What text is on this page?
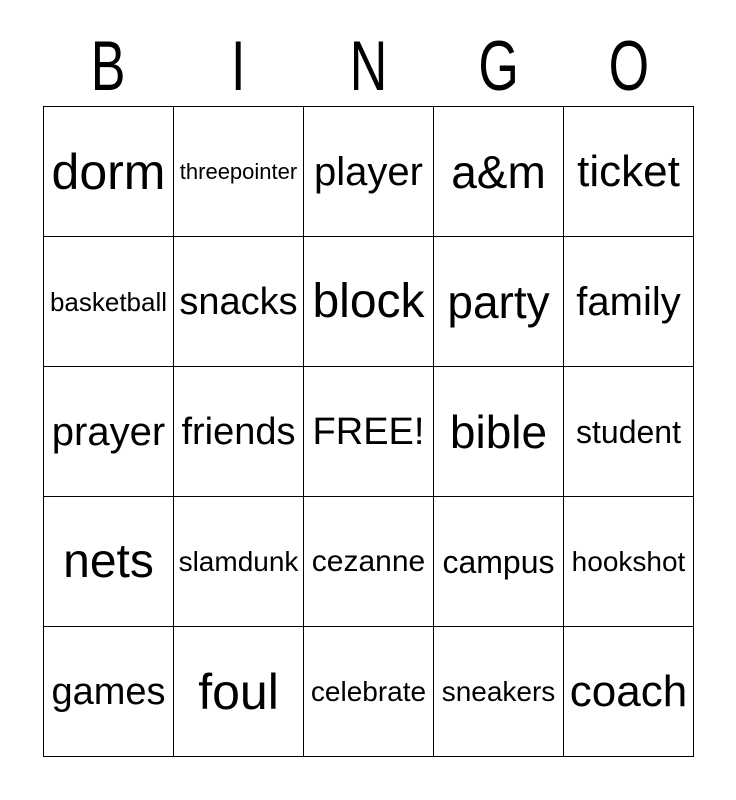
B	I	N	G	O
dorm threepointer player a&m ticket
basketball snacks block party family
prayer friends FREE! bible student
nets slamdunk cezanne campus hookshot
games foul	celebrate sneakers coach
